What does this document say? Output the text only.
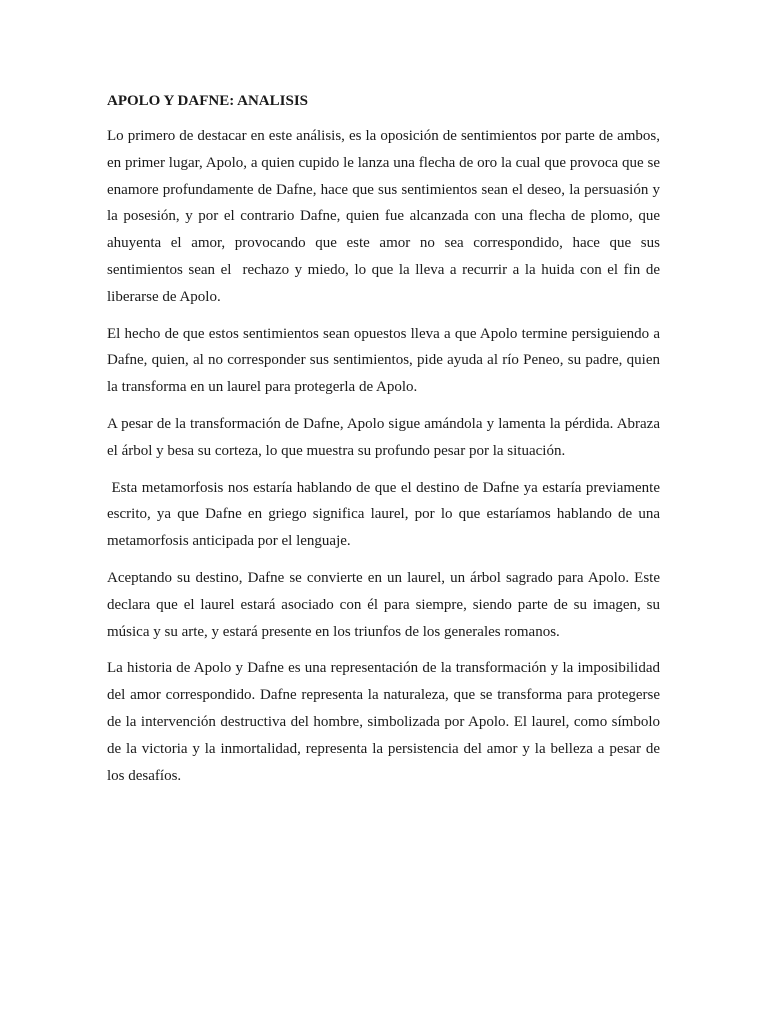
APOLO Y DAFNE: ANALISIS

Lo primero de destacar en este análisis, es la oposición de sentimientos por parte de ambos, en primer lugar, Apolo, a quien cupido le lanza una flecha de oro la cual que provoca que se enamore profundamente de Dafne, hace que sus sentimientos sean el deseo, la persuasión y la posesión, y por el contrario Dafne, quien fue alcanzada con una flecha de plomo, que ahuyenta el amor, provocando que este amor no sea correspondido, hace que sus sentimientos sean el  rechazo y miedo, lo que la lleva a recurrir a la huida con el fin de liberarse de Apolo.

El hecho de que estos sentimientos sean opuestos lleva a que Apolo termine persiguiendo a Dafne, quien, al no corresponder sus sentimientos, pide ayuda al río Peneo, su padre, quien la transforma en un laurel para protegerla de Apolo.

A pesar de la transformación de Dafne, Apolo sigue amándola y lamenta la pérdida. Abraza el árbol y besa su corteza, lo que muestra su profundo pesar por la situación.

Esta metamorfosis nos estaría hablando de que el destino de Dafne ya estaría previamente escrito, ya que Dafne en griego significa laurel, por lo que estaríamos hablando de una metamorfosis anticipada por el lenguaje.

Aceptando su destino, Dafne se convierte en un laurel, un árbol sagrado para Apolo. Este declara que el laurel estará asociado con él para siempre, siendo parte de su imagen, su música y su arte, y estará presente en los triunfos de los generales romanos.

La historia de Apolo y Dafne es una representación de la transformación y la imposibilidad del amor correspondido. Dafne representa la naturaleza, que se transforma para protegerse de la intervención destructiva del hombre, simbolizada por Apolo. El laurel, como símbolo de la victoria y la inmortalidad, representa la persistencia del amor y la belleza a pesar de los desafíos.
